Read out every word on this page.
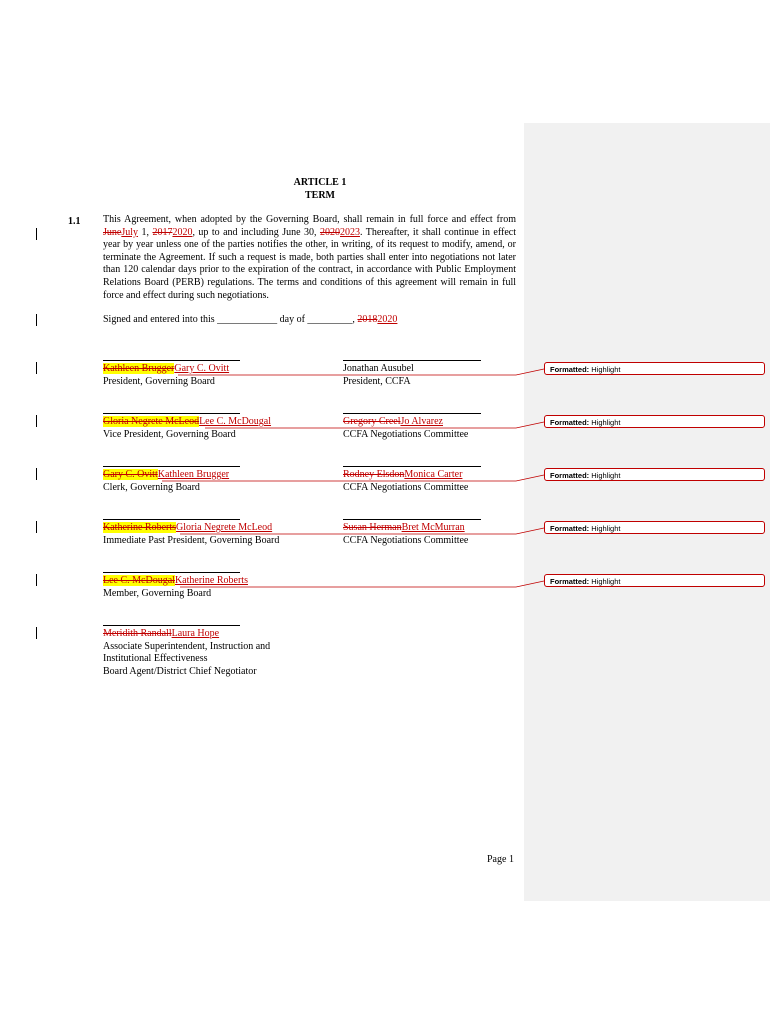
ARTICLE 1
TERM
1.1 This Agreement, when adopted by the Governing Board, shall remain in full force and effect from JuneJuly 1, 20172020, up to and including June 30, 20202023. Thereafter, it shall continue in effect year by year unless one of the parties notifies the other, in writing, of its request to modify, amend, or terminate the Agreement. If such a request is made, both parties shall enter into negotiations not later than 120 calendar days prior to the expiration of the contract, in accordance with Public Employment Relations Board (PERB) regulations. The terms and conditions of this agreement will remain in full force and effect during such negotiations.

Signed and entered into this ____________ day of _________, 20182020
Kathleen BruggerGary C. Ovitt
President, Governing Board
Gloria Negrete McLeodLee C. McDougal
Vice President, Governing Board
Gary C. OvittKathleen Brugger
Clerk, Governing Board
Katherine RobertsGloria Negrete McLeod
Immediate Past President, Governing Board
Lee C. McDougalKatherine Roberts
Member, Governing Board
Meridith RandallLaura Hope
Associate Superintendent, Instruction and
Institutional Effectiveness
Board Agent/District Chief Negotiator
Jonathan Ausubel
President, CCFA
Gregory CreelJo Alvarez
CCFA Negotiations Committee
Rodney ElsdonMonica Carter
CCFA Negotiations Committee
Susan HermanBret McMurran
CCFA Negotiations Committee
Page 1
Formatted: Highlight
Formatted: Highlight
Formatted: Highlight
Formatted: Highlight
Formatted: Highlight
